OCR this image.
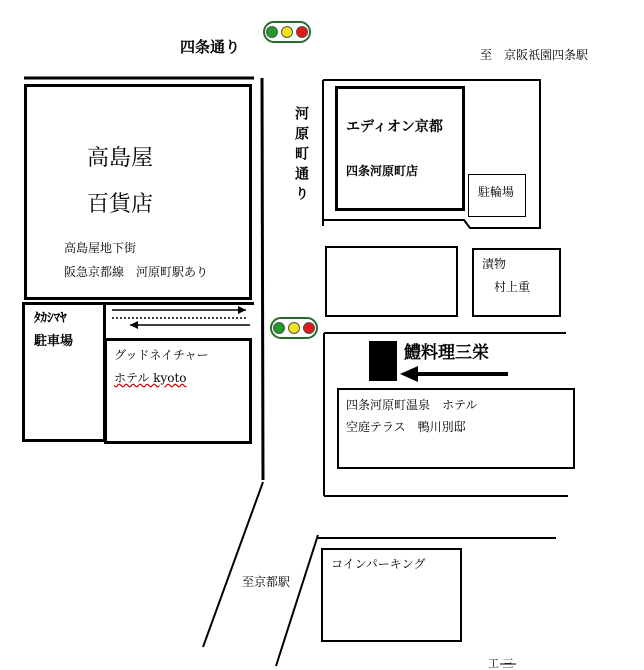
四条通り	至　京阪祇園四条駅
河原町通り
高島屋
百貨店
高島屋地下街
阪急京都線　河原町駅あり
ﾀｶｼﾏﾔ
駐車場
グッドネイチャー
ホテル kyoto
エディオン京都
四条河原町店
駐輪場
漬物
村上重
鱧料理三栄
四条河原町温泉　ホテル
空庭テラス　鴨川別邸
コインパーキング
至京都駅
工 三
